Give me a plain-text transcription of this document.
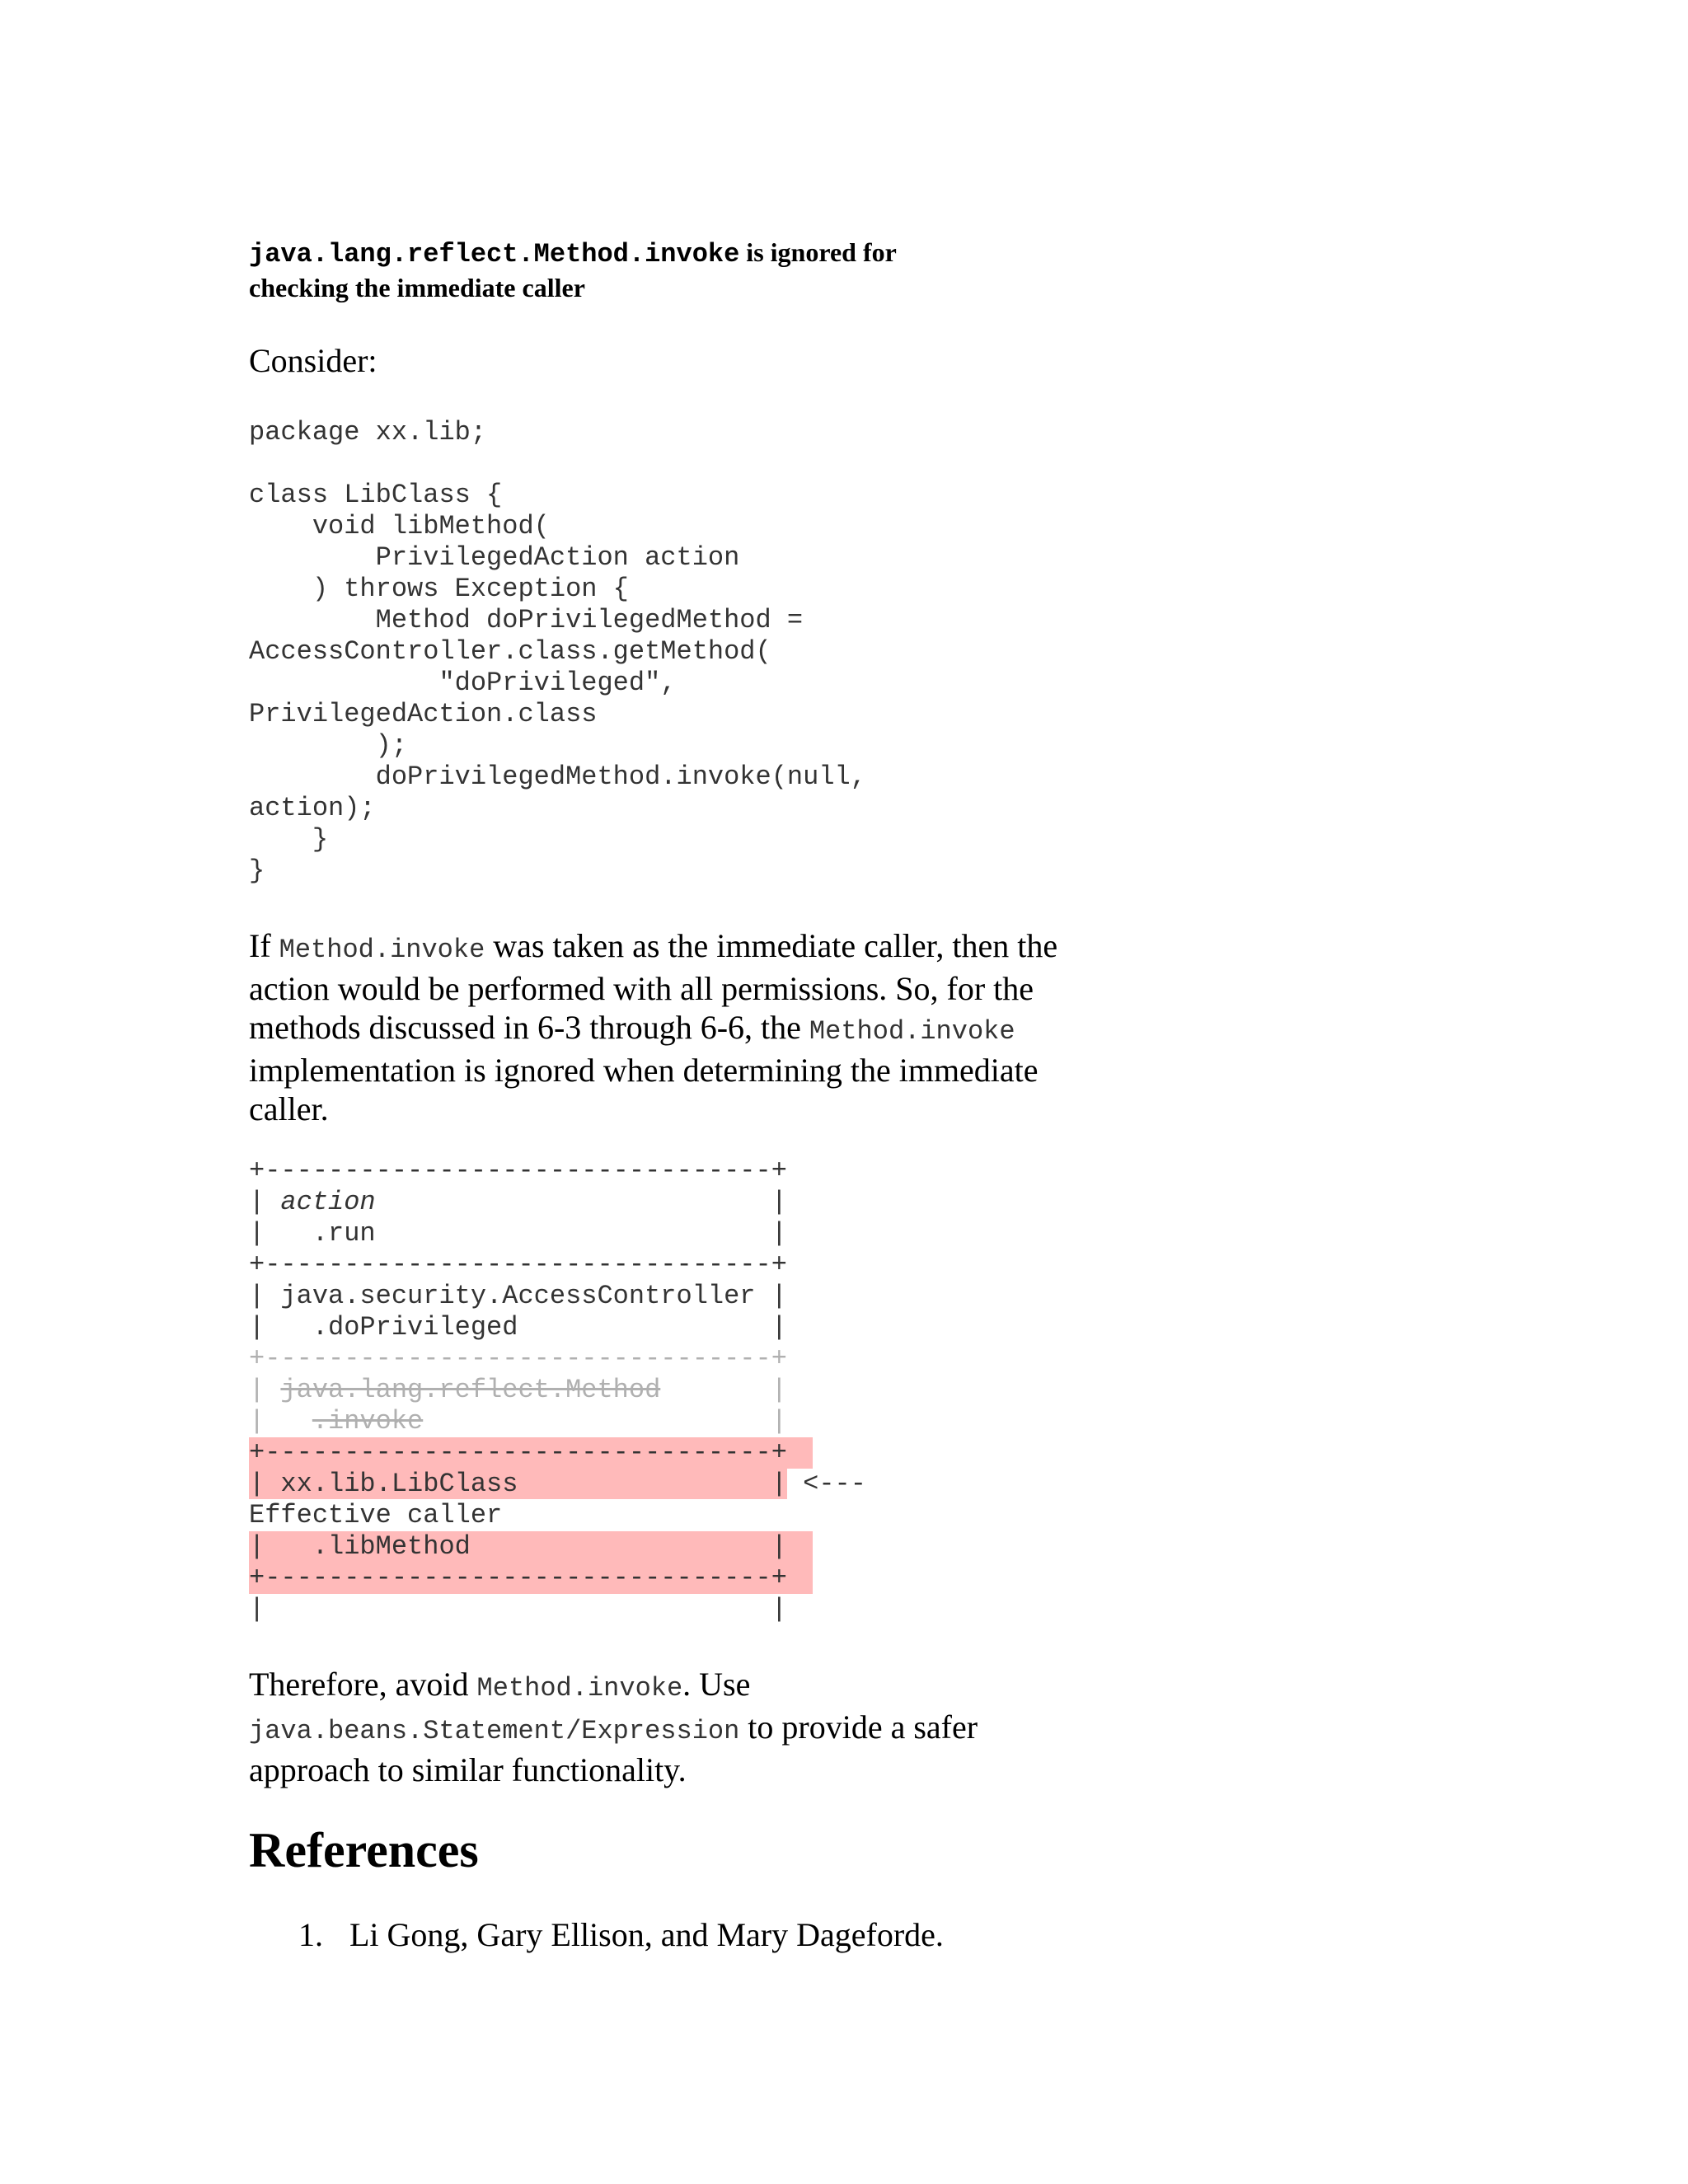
java.lang.reflect.Method.invoke is ignored for
checking the immediate caller
Consider:
package xx.lib;

class LibClass {
void libMethod(
PrivilegedAction action
) throws Exception {
Method doPrivilegedMethod =
AccessController.class.getMethod(
"doPrivileged",
PrivilegedAction.class
);
doPrivilegedMethod.invoke(null,
action);
}
}
If Method.invoke was taken as the immediate caller, then the action would be performed with all permissions. So, for the methods discussed in 6-3 through 6-6, the Method.invoke implementation is ignored when determining the immediate caller.
+--------------------------------+
| action                         |
|   .run                         |
+--------------------------------+
| java.security.AccessController |
|   .doPrivileged                |
+--------------------------------+
| java.lang.reflect.Method       |
|   .invoke                      |
+--------------------------------+
| xx.lib.LibClass                | <---
Effective caller
|   .libMethod                   |
+--------------------------------+
|                                |
Therefore, avoid Method.invoke. Use java.beans.Statement/Expression to provide a safer approach to similar functionality.
References
1. Li Gong, Gary Ellison, and Mary Dageforde.
